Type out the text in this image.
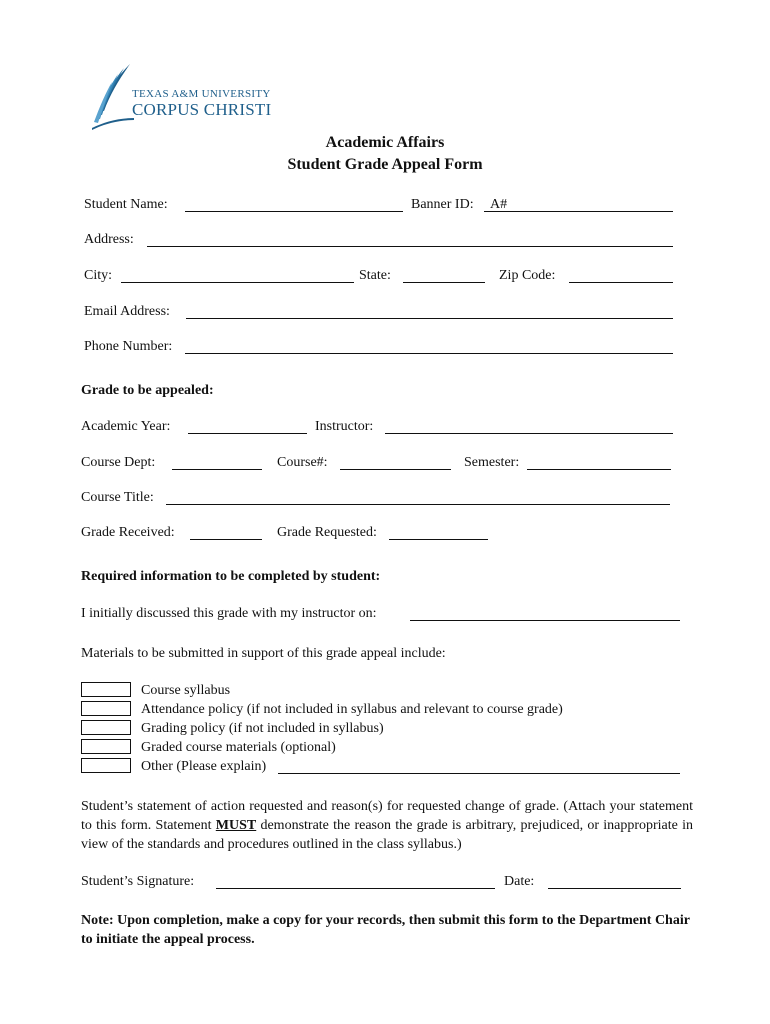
TEXAS A&M UNIVERSITY
CORPUS CHRISTI
Academic Affairs
Student Grade Appeal Form
Student Name:	Banner ID: A#
Address:
City:	State:	Zip Code:
Email Address:
Phone Number:
Grade to be appealed:
Academic Year:	Instructor:
Course Dept:	Course#:	Semester:
Course Title:
Grade Received:	Grade Requested:
Required information to be completed by student:
I initially discussed this grade with my instructor on:
Materials to be submitted in support of this grade appeal include:
Course syllabus
Attendance policy (if not included in syllabus and relevant to course grade)
Grading policy (if not included in syllabus)
Graded course materials (optional)
Other (Please explain)
Student’s statement of action requested and reason(s) for requested change of grade. (Attach your statement to this form. Statement MUST demonstrate the reason the grade is arbitrary, prejudiced, or inappropriate in view of the standards and procedures outlined in the class syllabus.)
Student’s Signature:	Date:
Note: Upon completion, make a copy for your records, then submit this form to the Department Chair to initiate the appeal process.
